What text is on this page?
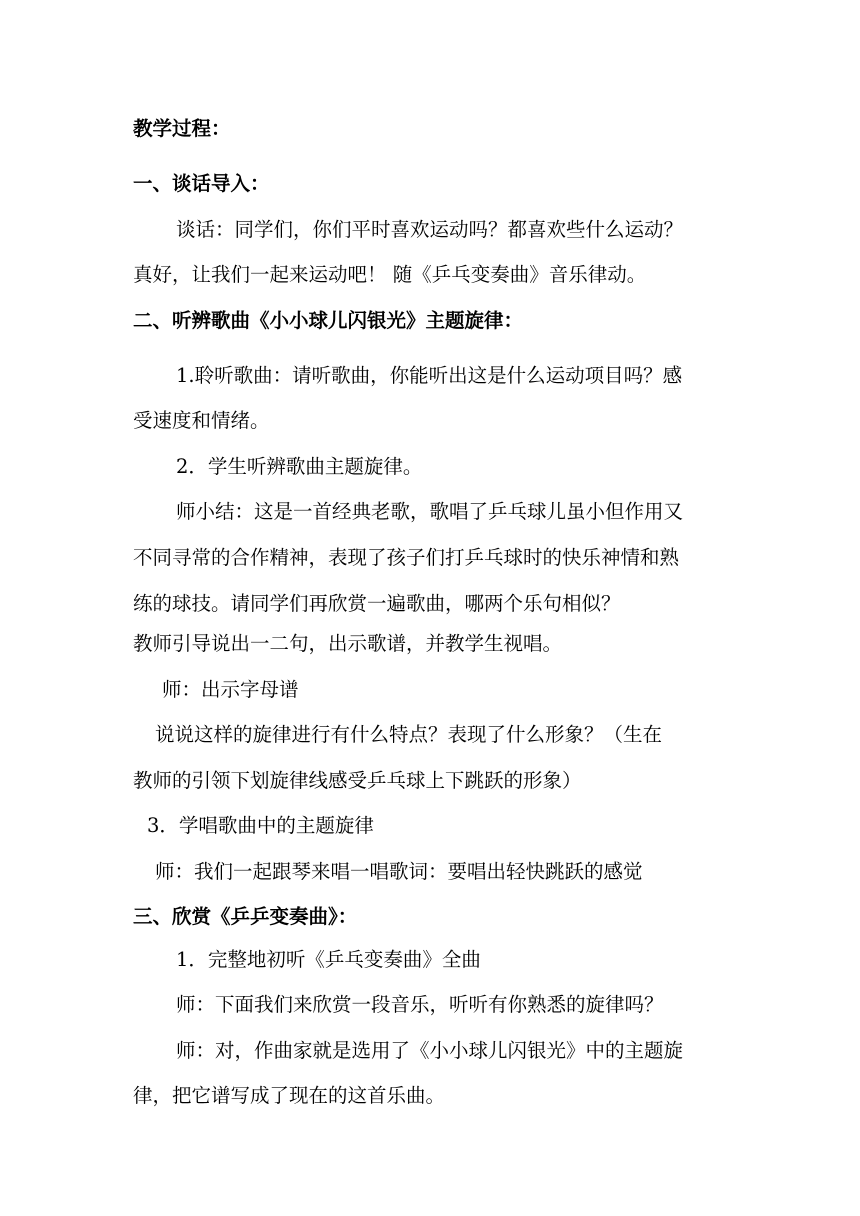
教学过程：
一、谈话导入：
谈话：同学们，你们平时喜欢运动吗？都喜欢些什么运动？
真好，让我们一起来运动吧！ 随《乒乓变奏曲》音乐律动。
二、听辨歌曲《小小球儿闪银光》主题旋律：
1.聆听歌曲：请听歌曲，你能听出这是什么运动项目吗？感
受速度和情绪。
2．学生听辨歌曲主题旋律。
师小结：这是一首经典老歌，歌唱了乒乓球儿虽小但作用又
不同寻常的合作精神，表现了孩子们打乒乓球时的快乐神情和熟
练的球技。请同学们再欣赏一遍歌曲，哪两个乐句相似？
教师引导说出一二句，出示歌谱，并教学生视唱。
师：出示字母谱
说说这样的旋律进行有什么特点？表现了什么形象？（生在
教师的引领下划旋律线感受乒乓球上下跳跃的形象）
3．学唱歌曲中的主题旋律
师：我们一起跟琴来唱一唱歌词：要唱出轻快跳跃的感觉
三、欣赏《乒乒变奏曲》：
1．完整地初听《乒乓变奏曲》全曲
师：下面我们来欣赏一段音乐，听听有你熟悉的旋律吗？
师：对，作曲家就是选用了《小小球儿闪银光》中的主题旋
律，把它谱写成了现在的这首乐曲。
